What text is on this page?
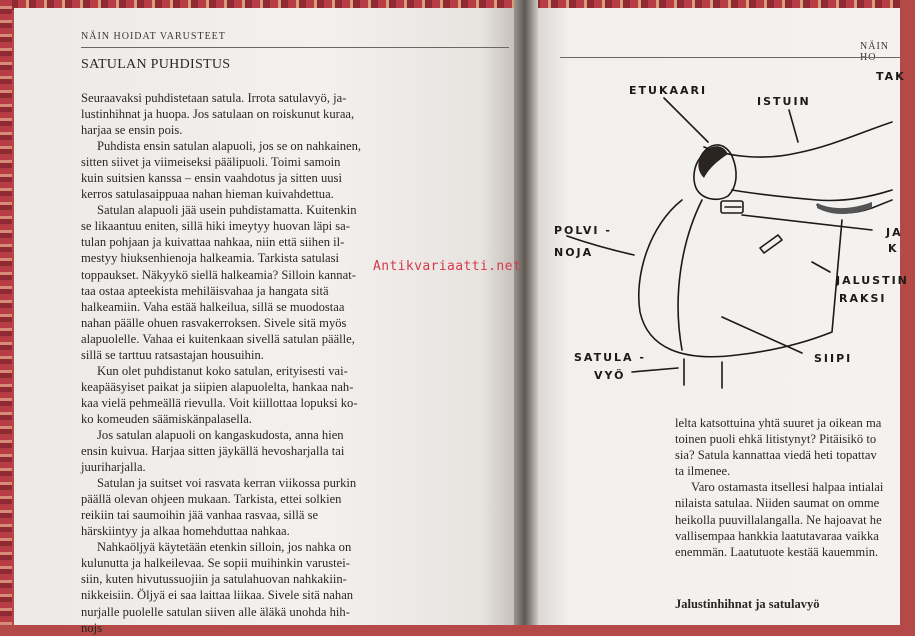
NÄIN HOIDAT VARUSTEET
SATULAN PUHDISTUS
Seuraavaksi puhdistetaan satula. Irrota satulavyö, ja-
lustinhihnat ja huopa. Jos satulaan on roiskunut kuraa,
harjaa se ensin pois.
Puhdista ensin satulan alapuoli, jos se on nahkainen,
sitten siivet ja viimeiseksi päälipuoli. Toimi samoin
kuin suitsien kanssa – ensin vaahdotus ja sitten uusi
kerros satulasaippuaa nahan hieman kuivahdettua.
Satulan alapuoli jää usein puhdistamatta. Kuitenkin
se likaantuu eniten, sillä hiki imeytyy huovan läpi sa-
tulan pohjaan ja kuivattaa nahkaa, niin että siihen il-
mestyy hiuksenhienoja halkeamia. Tarkista satulasi
toppaukset. Näkyykö siellä halkeamia? Silloin kannat-
taa ostaa apteekista mehiläisvahaa ja hangata sitä
halkeamiin. Vaha estää halkeilua, sillä se muodostaa
nahan päälle ohuen rasvakerroksen. Sivele sitä myös
alapuolelle. Vahaa ei kuitenkaan sivellä satulan päälle,
sillä se tarttuu ratsastajan housuihin.
Kun olet puhdistanut koko satulan, erityisesti vai-
keapääsyiset paikat ja siipien alapuolelta, hankaa nah-
kaa vielä pehmeällä rievulla. Voit kiillottaa lopuksi ko-
ko komeuden säämiskänpalasella.
Jos satulan alapuoli on kangaskudosta, anna hien
ensin kuivua. Harjaa sitten jäykällä hevosharjalla tai
juuriharjalla.
Satulan ja suitset voi rasvata kerran viikossa purkin
päällä olevan ohjeen mukaan. Tarkista, ettei solkien
reikiin tai saumoihin jää vanhaa rasvaa, sillä se
härskiintyy ja alkaa homehduttaa nahkaa.
Nahkaöljyä käytetään etenkin silloin, jos nahka on
kulunutta ja halkeilevaa. Se sopii muihinkin varustei-
siin, kuten hivutussuojiin ja satulahuovan nahkakiin-
nikkeisiin. Öljyä ei saa laittaa liikaa. Sivele sitä nahan
nurjalle puolelle satulan siiven alle äläkä unohda hih-
nojs
NÄIN
ETUKAARI
ISTUIN
TAK
POLVI -
NOJA
JA
K
JALUSTIN
RAKSI
SIIPI
SATULA -
VYÖ
lelta katsottuina yhtä suuret ja oikean ma
toinen puoli ehkä litistynyt? Pitäisikö to
sia? Satula kannattaa viedä heti topattav
ta ilmenee.
Varo ostamasta itsellesi halpaa intialai
nilaista satulaa. Niiden saumat on omme
heikolla puuvillalangalla. Ne hajoavat he
vallisempaa hankkia laatutavaraa vaikka
enemmän. Laatutuote kestää kauemmin.
Jalustinhihnat ja satulavyö
Antikvariaatti.net
